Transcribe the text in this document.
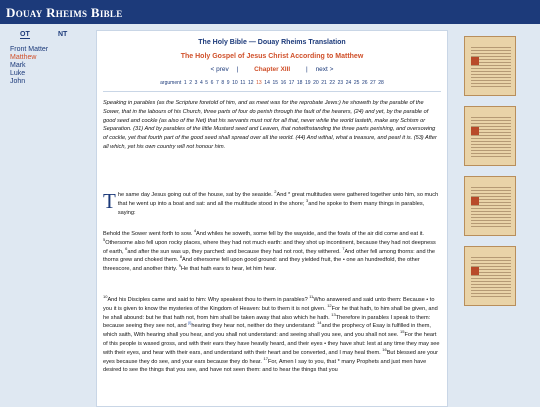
Douay Rheims Bible
OT	NT
Front Matter
Matthew
Mark
Luke
John
The Holy Bible — Douay Rheims Translation
The Holy Gospel of Jesus Christ According to Matthew
< prev | Chapter XIII | next >
argument 1 2 3 4 5 6 7 8 9 10 11 12 13 14 15 16 17 18 19 20 21 22 23 24 25 26 27 28
Speaking in parables (as the Scripture foretold of him, and as meet was for the reprobate Jews:) he showeth by the parable of the Sower, that in the labours of his Church, three parts of four do perish through the fault of the hearers, (24) and yet, by the parable of good seed and cockle (as also of the Net) that his servants must not for all that, never while the world lasteth, make any Schism or Separation. (31) And by parables of the little Mustard seed and Leaven, that notwithstanding the three parts perishing, and oversowing of cockle, yet that fourth part of the good seed shall spread over all the world. (44) And withal, what a treasure, and pearl it is. (53) After all which, yet his own country will not honour him.
T he same day Jesus going out of the house, sat by the seaside. $^2$And * great multitudes were gathered together unto him, so much that he went up into a boat and sat: and all the multitude stood in the shore; $^3$and he spoke to them many things in parables, saying:
Behold the Sower went forth to sow. $^4$And whiles he soweth, some fell by the wayside, and the fowls of the air did come and eat it. $^5$Othersome also fell upon rocky places, where they had not much earth: and they shot up incontinent, because they had not deepness of earth, $^6$and after the sun was up, they parched: and because they had not root, they withered. $^7$And other fell among thorns: and the thorns grew and choked them. $^8$And othersome fell upon good ground: and they yielded fruit, the • one an hundredfold, the other threescore, and another thirty. $^9$He that hath ears to hear, let him hear.
$^{10}$And his Disciples came and said to him: Why speakest thou to them in parables? $^{11}$Who answered and said unto them: Because • to you it is given to know the mysteries of the Kingdom of Heaven: but to them it is not given. $^{12}$For he that hath, to him shall be given, and he shall abound: but he that hath not, from him shall be taken away that also which he hath. $^{13}$Therefore in parables I speak to them: because seeing they see not, and [i]hearing they hear not, neither do they understand: $^{14}$and the prophecy of Esay is fulfilled in them, which saith, With hearing shall you hear, and you shall not understand: and seeing shall you see, and you shall not see. $^{15}$For the heart of this people is waxed gross, and with their ears they have heavily heard, and their eyes • they have shut: lest at any time they may see with their eyes, and hear with their ears, and understand with their heart and be converted, and I may heal them. $^{16}$But blessed are your eyes because they do see, and your ears because they do hear. $^{17}$For, Amen I say to you, that * many Prophets and just men have desired to see the things that you see, and have not seen them: and to hear the things that you
